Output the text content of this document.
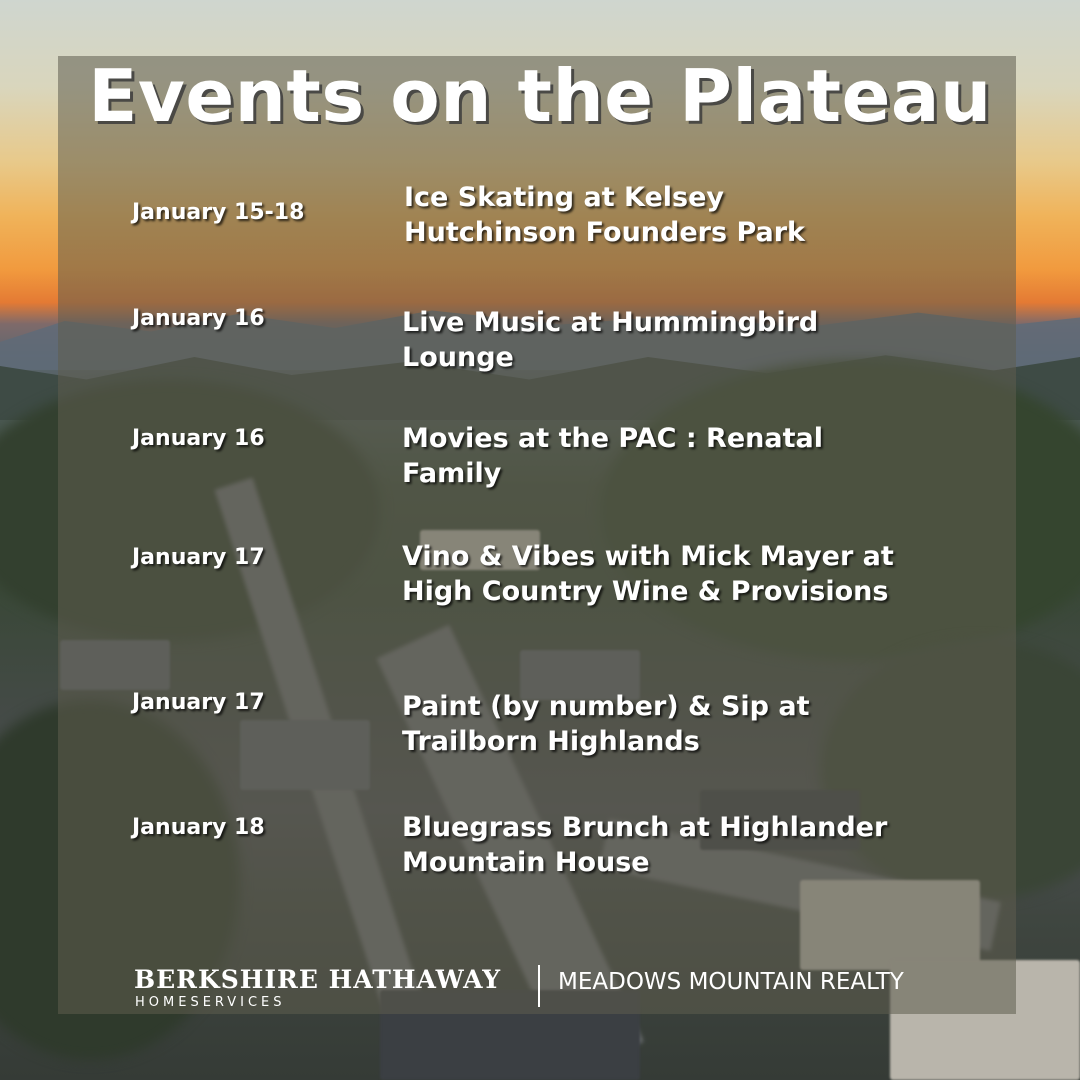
Events on the Plateau
January 15-18	Ice Skating at Kelsey Hutchinson Founders Park
January 16	Live Music at Hummingbird Lounge
January 16	Movies at the PAC : Renatal Family
January 17	Vino & Vibes with Mick Mayer at High Country Wine & Provisions
January 17	Paint (by number) & Sip at Trailborn Highlands
January 18	Bluegrass Brunch at Highlander Mountain House
BERKSHIRE HATHAWAY
HOMESERVICES
MEADOWS MOUNTAIN REALTY
